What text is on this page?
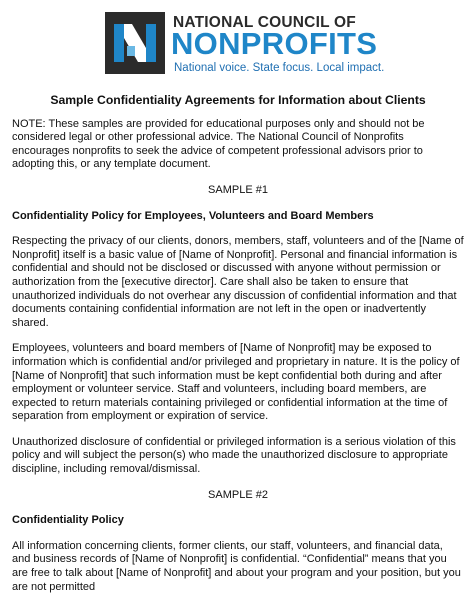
NATIONAL COUNCIL OF
NONPROFITS
National voice. State focus. Local impact.
Sample Confidentiality Agreements for Information about Clients
NOTE: These samples are provided for educational purposes only and should not be considered legal or other professional advice. The National Council of Nonprofits encourages nonprofits to seek the advice of competent professional advisors prior to adopting this, or any template document.
SAMPLE #1
Confidentiality Policy for Employees, Volunteers and Board Members
Respecting the privacy of our clients, donors, members, staff, volunteers and of the [Name of Nonprofit] itself is a basic value of [Name of Nonprofit]. Personal and financial information is confidential and should not be disclosed or discussed with anyone without permission or authorization from the [executive director]. Care shall also be taken to ensure that unauthorized individuals do not overhear any discussion of confidential information and that documents containing confidential information are not left in the open or inadvertently shared.
Employees, volunteers and board members of [Name of Nonprofit] may be exposed to information which is confidential and/or privileged and proprietary in nature. It is the policy of [Name of Nonprofit] that such information must be kept confidential both during and after employment or volunteer service. Staff and volunteers, including board members, are expected to return materials containing privileged or confidential information at the time of separation from employment or expiration of service.
Unauthorized disclosure of confidential or privileged information is a serious violation of this policy and will subject the person(s) who made the unauthorized disclosure to appropriate discipline, including removal/dismissal.
SAMPLE #2
Confidentiality Policy
All information concerning clients, former clients, our staff, volunteers, and financial data, and business records of [Name of Nonprofit] is confidential. “Confidential” means that you are free to talk about [Name of Nonprofit] and about your program and your position, but you are not permitted
